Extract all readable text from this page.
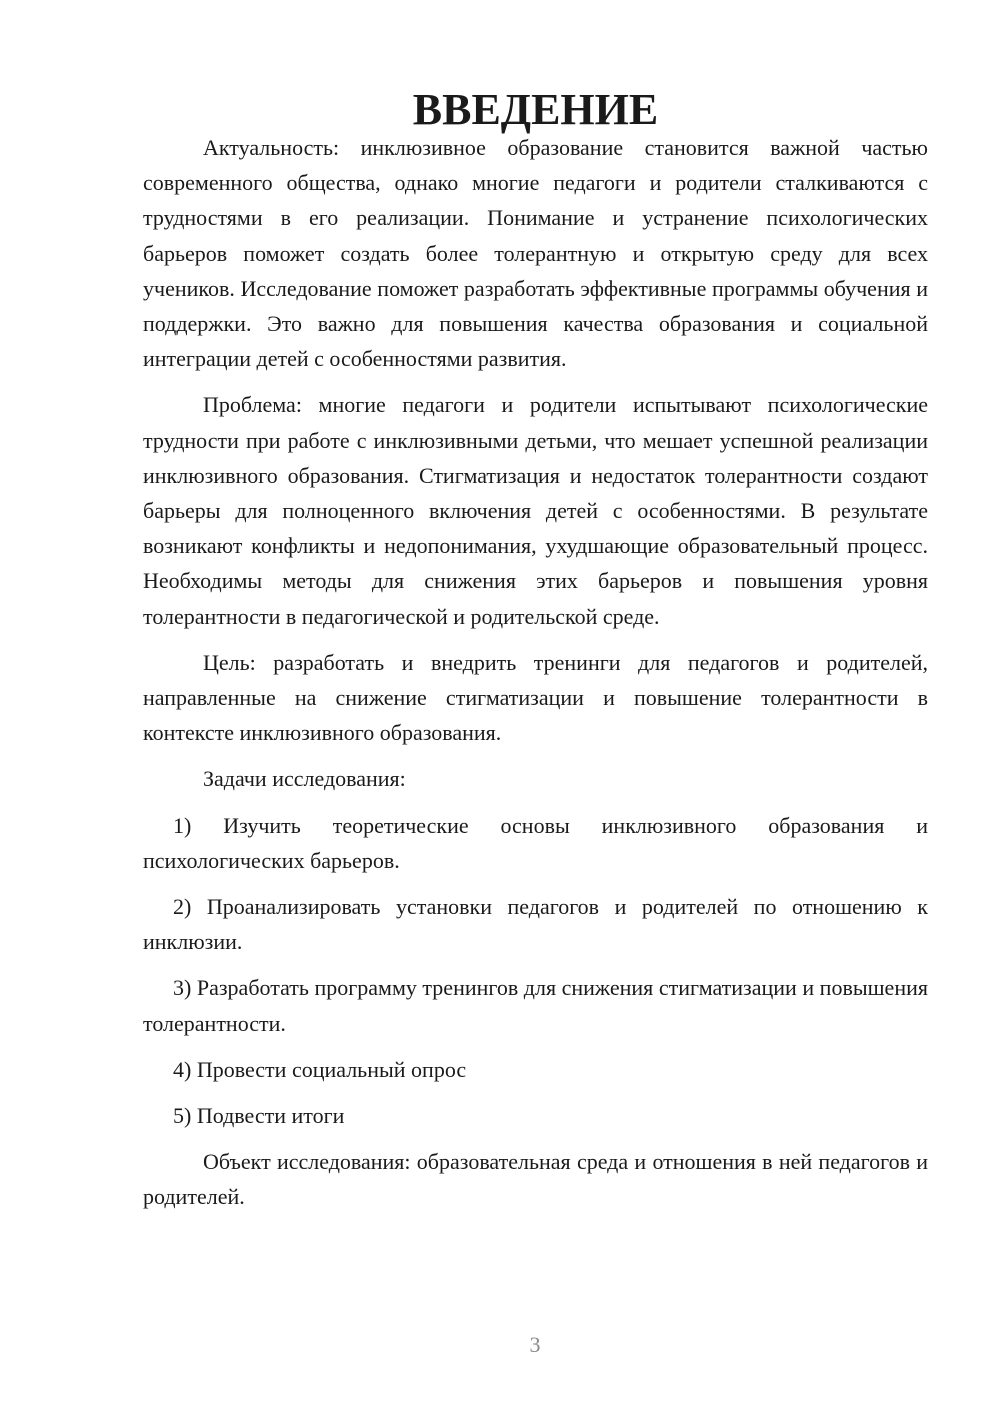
ВВЕДЕНИЕ

Актуальность: инклюзивное образование становится важной частью современного общества, однако многие педагоги и родители сталкиваются с трудностями в его реализации. Понимание и устранение психологических барьеров поможет создать более толерантную и открытую среду для всех учеников. Исследование поможет разработать эффективные программы обучения и поддержки. Это важно для повышения качества образования и социальной интеграции детей с особенностями развития.

Проблема: многие педагоги и родители испытывают психологические трудности при работе с инклюзивными детьми, что мешает успешной реализации инклюзивного образования. Стигматизация и недостаток толерантности создают барьеры для полноценного включения детей с особенностями. В результате возникают конфликты и недопонимания, ухудшающие образовательный процесс. Необходимы методы для снижения этих барьеров и повышения уровня толерантности в педагогической и родительской среде.

Цель: разработать и внедрить тренинги для педагогов и родителей, направленные на снижение стигматизации и повышение толерантности в контексте инклюзивного образования.

Задачи исследования:

1) Изучить теоретические основы инклюзивного образования и психологических барьеров.

2) Проанализировать установки педагогов и родителей по отношению к инклюзии.

3) Разработать программу тренингов для снижения стигматизации и повышения толерантности.

4) Провести социальный опрос

5) Подвести итоги

Объект исследования: образовательная среда и отношения в ней педагогов и родителей.

3
